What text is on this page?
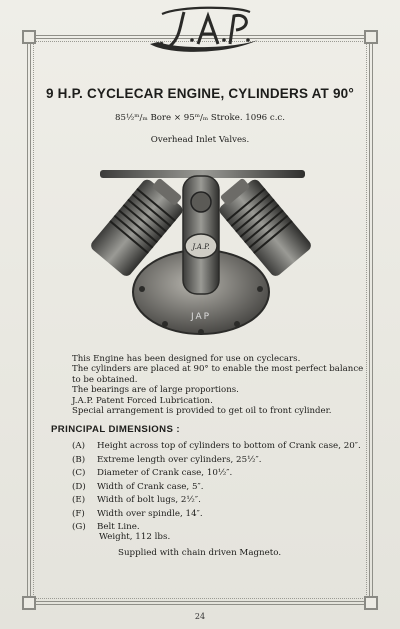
9 H.P. CYCLECAR ENGINE, CYLINDERS AT 90°
85½ᵐ/ₘ Bore × 95ᵐ/ₘ Stroke. 1096 c.c.
Overhead Inlet Valves.
J.A.P.
JAP

This Engine has been designed for use on cyclecars.

The cylinders are placed at 90° to enable the most perfect balance to be obtained.

The bearings are of large proportions.

J.A.P. Patent Forced Lubrication.

Special arrangement is provided to get oil to front cylinder.

PRINCIPAL DIMENSIONS :
(A)	Height across top of cylinders to bottom of Crank case, 20″.
(B)	Extreme length over cylinders, 25½″.
(C)	Diameter of Crank case, 10½″.
(D)	Width of Crank case, 5″.
(E)	Width of bolt lugs, 2½″.
(F)	Width over spindle, 14″.
(G)	Belt Line.
Weight, 112 lbs.
Supplied with chain driven Magneto.
24
